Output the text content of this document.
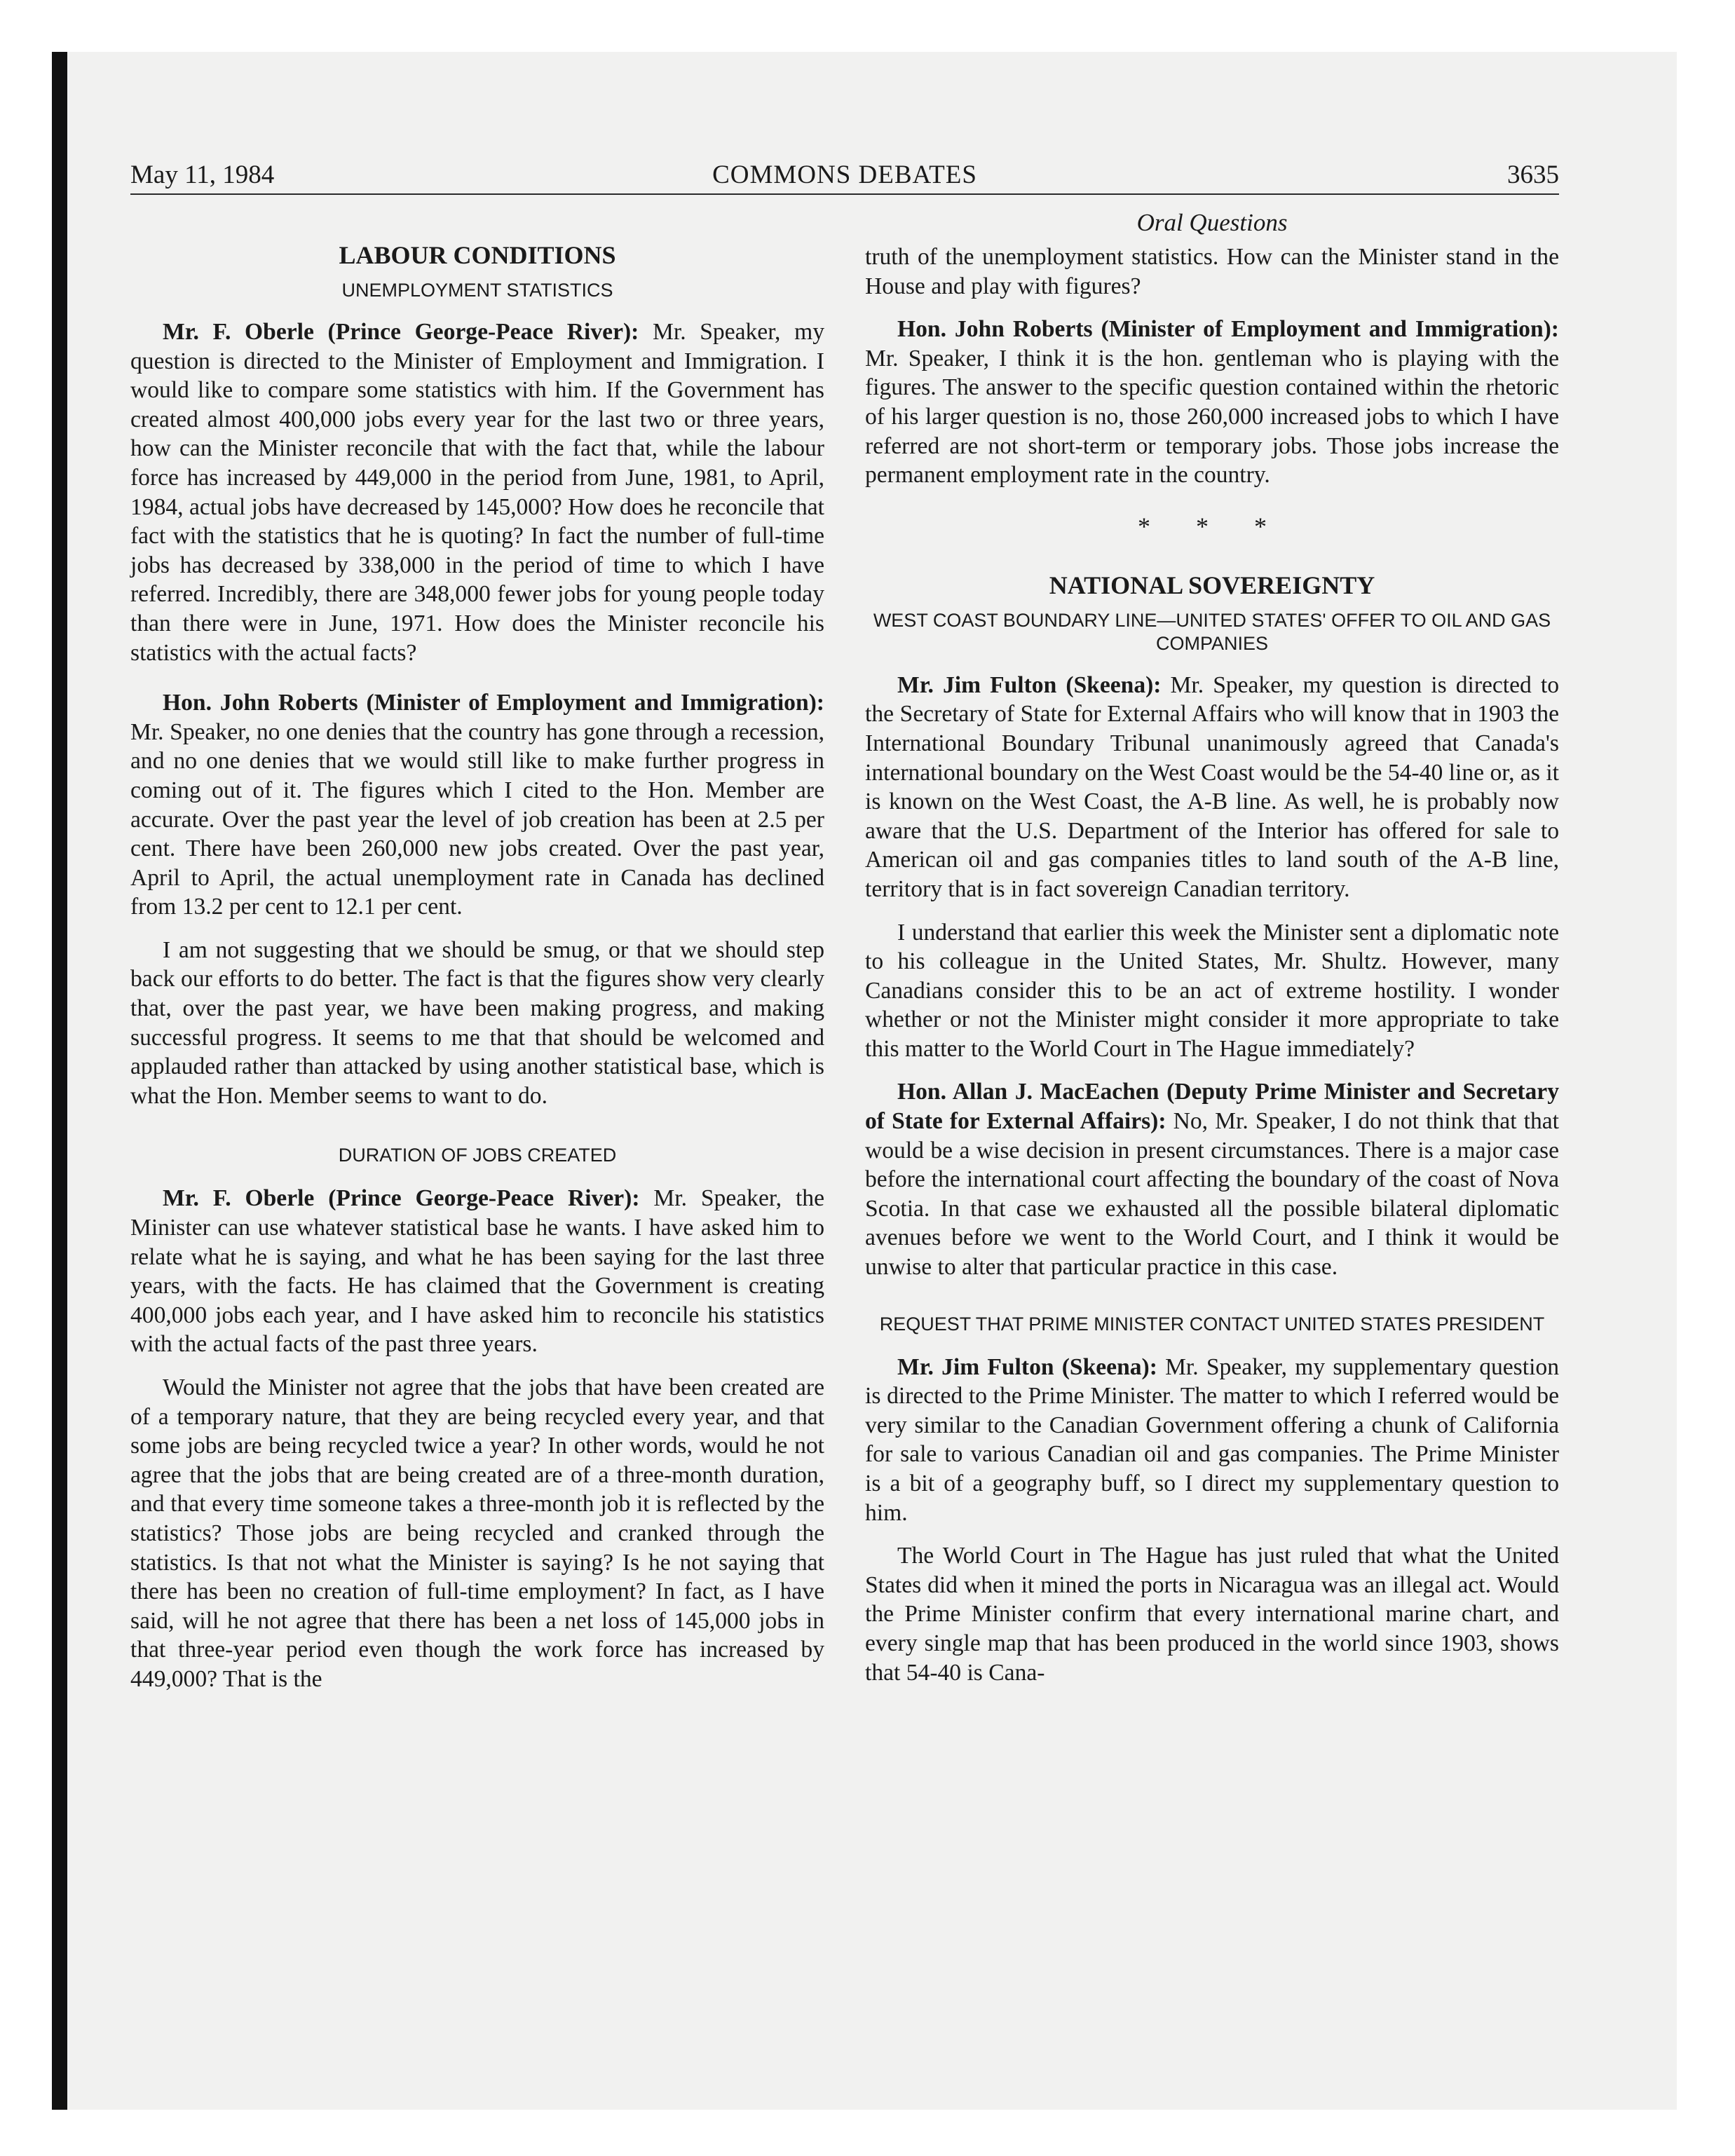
May 11, 1984	COMMONS DEBATES	3635
LABOUR CONDITIONS
UNEMPLOYMENT STATISTICS

Mr. F. Oberle (Prince George-Peace River): Mr. Speaker, my question is directed to the Minister of Employment and Immigration. I would like to compare some statistics with him. If the Government has created almost 400,000 jobs every year for the last two or three years, how can the Minister reconcile that with the fact that, while the labour force has increased by 449,000 in the period from June, 1981, to April, 1984, actual jobs have decreased by 145,000? How does he reconcile that fact with the statistics that he is quoting? In fact the number of full-time jobs has decreased by 338,000 in the period of time to which I have referred. Incredibly, there are 348,000 fewer jobs for young people today than there were in June, 1971. How does the Minister reconcile his statistics with the actual facts?

Hon. John Roberts (Minister of Employment and Immigration): Mr. Speaker, no one denies that the country has gone through a recession, and no one denies that we would still like to make further progress in coming out of it. The figures which I cited to the Hon. Member are accurate. Over the past year the level of job creation has been at 2.5 per cent. There have been 260,000 new jobs created. Over the past year, April to April, the actual unemployment rate in Canada has declined from 13.2 per cent to 12.1 per cent.

I am not suggesting that we should be smug, or that we should step back our efforts to do better. The fact is that the figures show very clearly that, over the past year, we have been making progress, and making successful progress. It seems to me that that should be welcomed and applauded rather than attacked by using another statistical base, which is what the Hon. Member seems to want to do.

DURATION OF JOBS CREATED

Mr. F. Oberle (Prince George-Peace River): Mr. Speaker, the Minister can use whatever statistical base he wants. I have asked him to relate what he is saying, and what he has been saying for the last three years, with the facts. He has claimed that the Government is creating 400,000 jobs each year, and I have asked him to reconcile his statistics with the actual facts of the past three years.

Would the Minister not agree that the jobs that have been created are of a temporary nature, that they are being recycled every year, and that some jobs are being recycled twice a year? In other words, would he not agree that the jobs that are being created are of a three-month duration, and that every time someone takes a three-month job it is reflected by the statistics? Those jobs are being recycled and cranked through the statistics. Is that not what the Minister is saying? Is he not saying that there has been no creation of full-time employment? In fact, as I have said, will he not agree that there has been a net loss of 145,000 jobs in that three-year period even though the work force has increased by 449,000? That is the

Oral Questions

truth of the unemployment statistics. How can the Minister stand in the House and play with figures?

Hon. John Roberts (Minister of Employment and Immigration): Mr. Speaker, I think it is the hon. gentleman who is playing with the figures. The answer to the specific question contained within the rhetoric of his larger question is no, those 260,000 increased jobs to which I have referred are not short-term or temporary jobs. Those jobs increase the permanent employment rate in the country.

* * *
NATIONAL SOVEREIGNTY
WEST COAST BOUNDARY LINE—UNITED STATES' OFFER TO OIL AND GAS COMPANIES

Mr. Jim Fulton (Skeena): Mr. Speaker, my question is directed to the Secretary of State for External Affairs who will know that in 1903 the International Boundary Tribunal unanimously agreed that Canada's international boundary on the West Coast would be the 54-40 line or, as it is known on the West Coast, the A-B line. As well, he is probably now aware that the U.S. Department of the Interior has offered for sale to American oil and gas companies titles to land south of the A-B line, territory that is in fact sovereign Canadian territory.

I understand that earlier this week the Minister sent a diplomatic note to his colleague in the United States, Mr. Shultz. However, many Canadians consider this to be an act of extreme hostility. I wonder whether or not the Minister might consider it more appropriate to take this matter to the World Court in The Hague immediately?

Hon. Allan J. MacEachen (Deputy Prime Minister and Secretary of State for External Affairs): No, Mr. Speaker, I do not think that that would be a wise decision in present circumstances. There is a major case before the international court affecting the boundary of the coast of Nova Scotia. In that case we exhausted all the possible bilateral diplomatic avenues before we went to the World Court, and I think it would be unwise to alter that particular practice in this case.

REQUEST THAT PRIME MINISTER CONTACT UNITED STATES PRESIDENT

Mr. Jim Fulton (Skeena): Mr. Speaker, my supplementary question is directed to the Prime Minister. The matter to which I referred would be very similar to the Canadian Government offering a chunk of California for sale to various Canadian oil and gas companies. The Prime Minister is a bit of a geography buff, so I direct my supplementary question to him.

The World Court in The Hague has just ruled that what the United States did when it mined the ports in Nicaragua was an illegal act. Would the Prime Minister confirm that every international marine chart, and every single map that has been produced in the world since 1903, shows that 54-40 is Cana-
